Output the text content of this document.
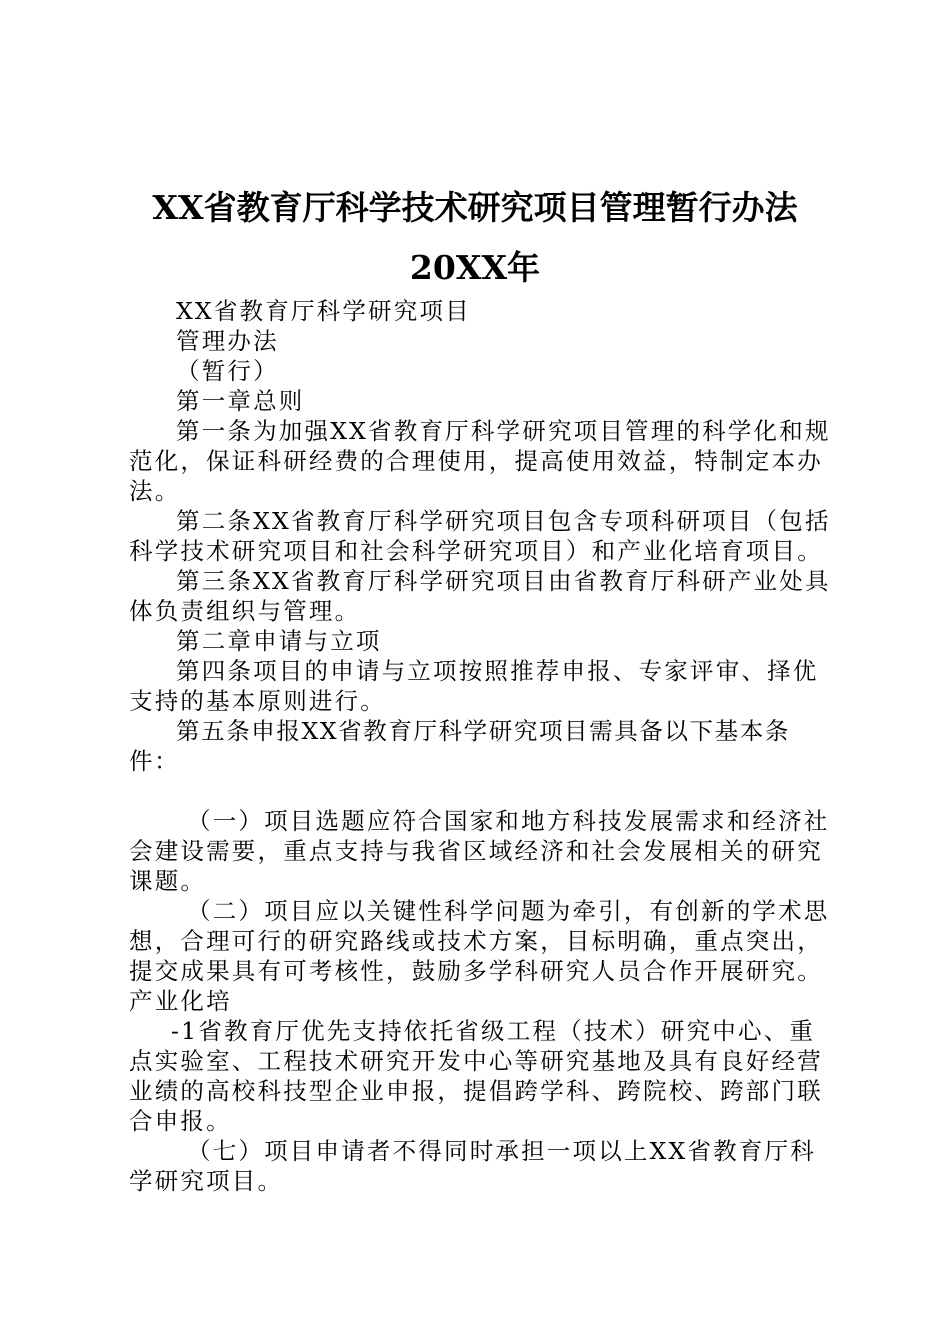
XX省教育厅科学技术研究项目管理暂行办法
20XX年

XX省教育厅科学研究项目

管理办法

（暂行）

第一章总则

第一条为加强XX省教育厅科学研究项目管理的科学化和规范化，保证科研经费的合理使用，提高使用效益，特制定本办法。

第二条XX省教育厅科学研究项目包含专项科研项目（包括科学技术研究项目和社会科学研究项目）和产业化培育项目。

第三条XX省教育厅科学研究项目由省教育厅科研产业处具体负责组织与管理。

第二章申请与立项

第四条项目的申请与立项按照推荐申报、专家评审、择优支持的基本原则进行。

第五条申报XX省教育厅科学研究项目需具备以下基本条件：

（一）项目选题应符合国家和地方科技发展需求和经济社会建设需要，重点支持与我省区域经济和社会发展相关的研究课题。

（二）项目应以关键性科学问题为牵引，有创新的学术思想，合理可行的研究路线或技术方案，目标明确，重点突出，提交成果具有可考核性，鼓励多学科研究人员合作开展研究。

产业化培

-1省教育厅优先支持依托省级工程（技术）研究中心、重点实验室、工程技术研究开发中心等研究基地及具有良好经营业绩的高校科技型企业申报，提倡跨学科、跨院校、跨部门联合申报。

（七）项目申请者不得同时承担一项以上XX省教育厅科学研究项目。
